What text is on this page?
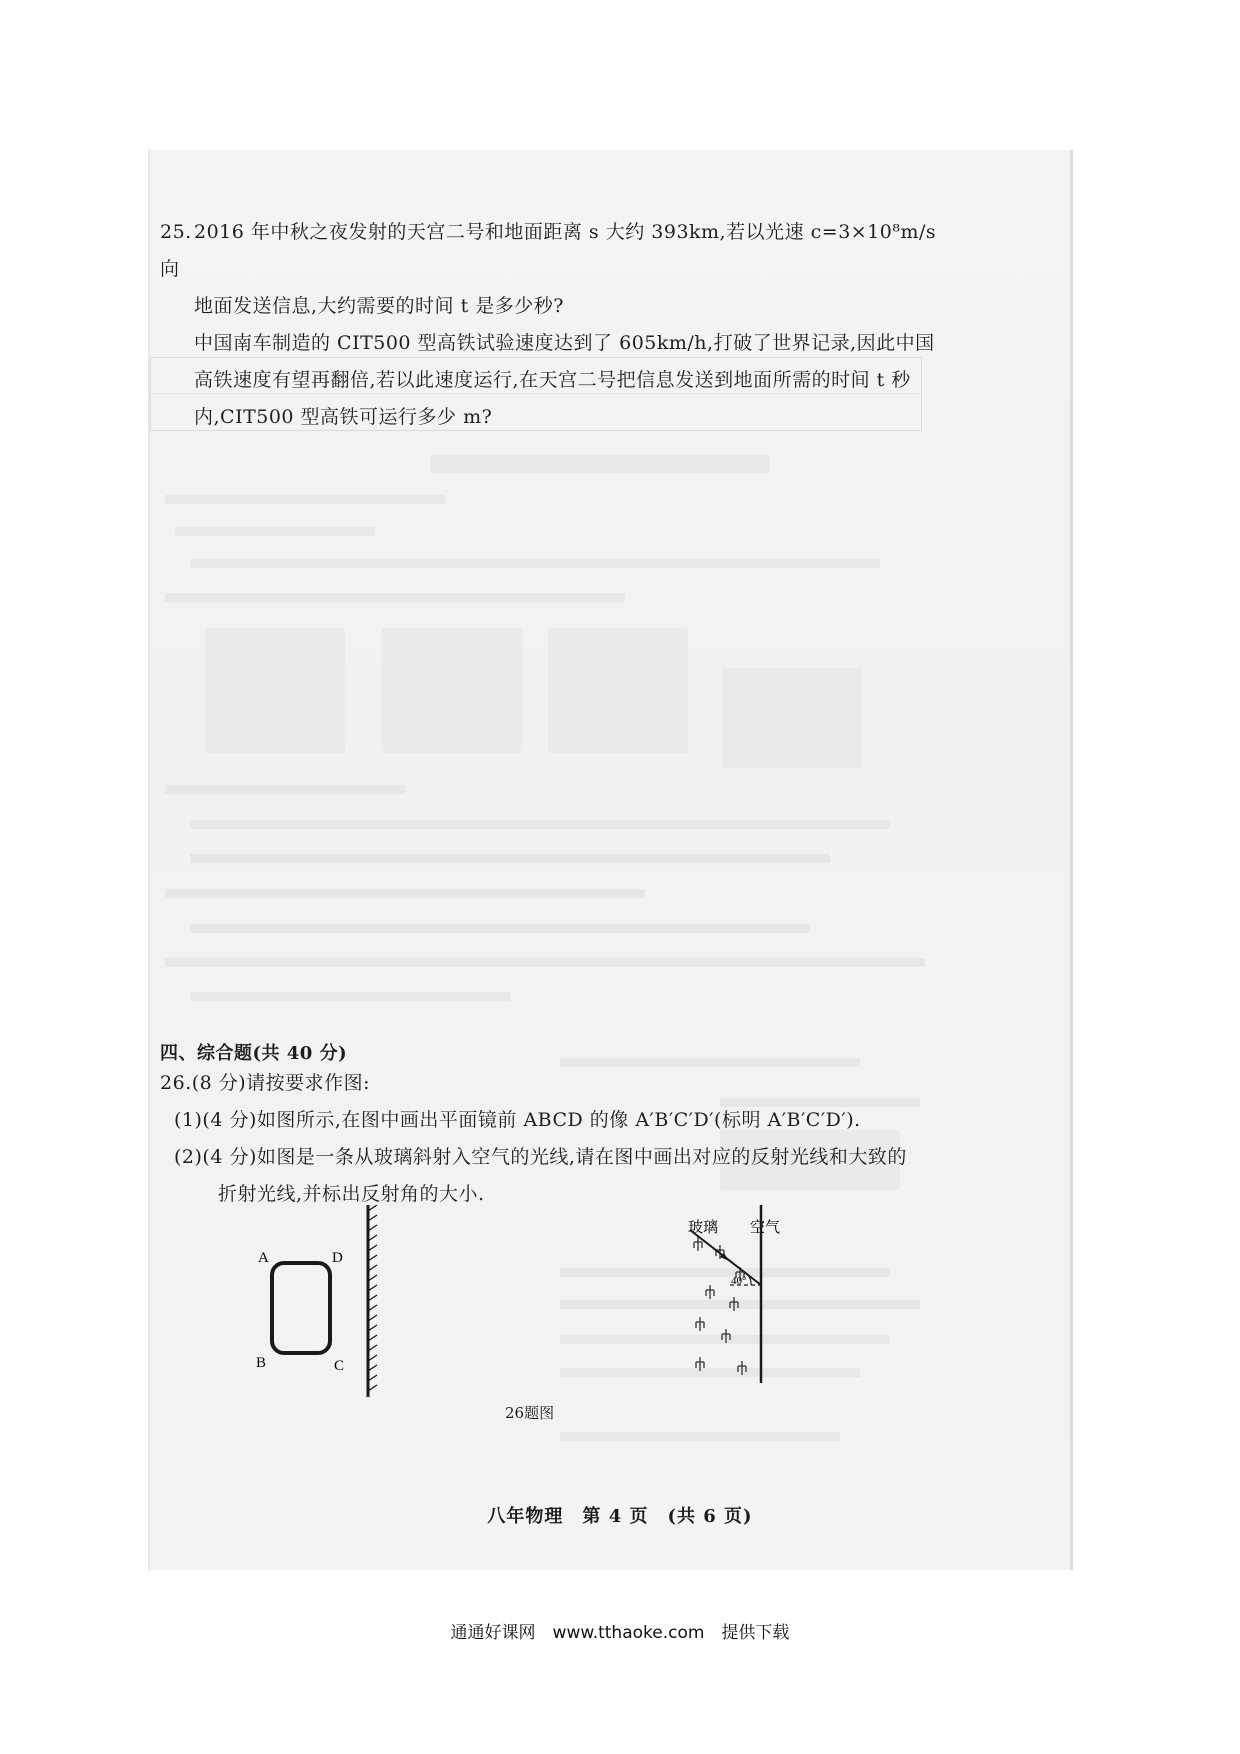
25. 2016 年中秋之夜发射的天宫二号和地面距离 s 大约 393km,若以光速 c=3×10⁸m/s 向
地面发送信息,大约需要的时间 t 是多少秒?
中国南车制造的 CIT500 型高铁试验速度达到了 605km/h,打破了世界记录,因此中国
高铁速度有望再翻倍,若以此速度运行,在天宫二号把信息发送到地面所需的时间 t 秒
内,CIT500 型高铁可运行多少 m?
四、综合题(共 40 分)
26.(8 分)请按要求作图:
(1)(4 分)如图所示,在图中画出平面镜前 ABCD 的像 A′B′C′D′(标明 A′B′C′D′).
(2)(4 分)如图是一条从玻璃斜射入空气的光线,请在图中画出对应的反射光线和大致的
折射光线,并标出反射角的大小.
A	D
B	C
玻璃 空气
40°
26题图
八年物理　第 4 页　(共 6 页)
通通好课网　www.tthaoke.com　提供下载
